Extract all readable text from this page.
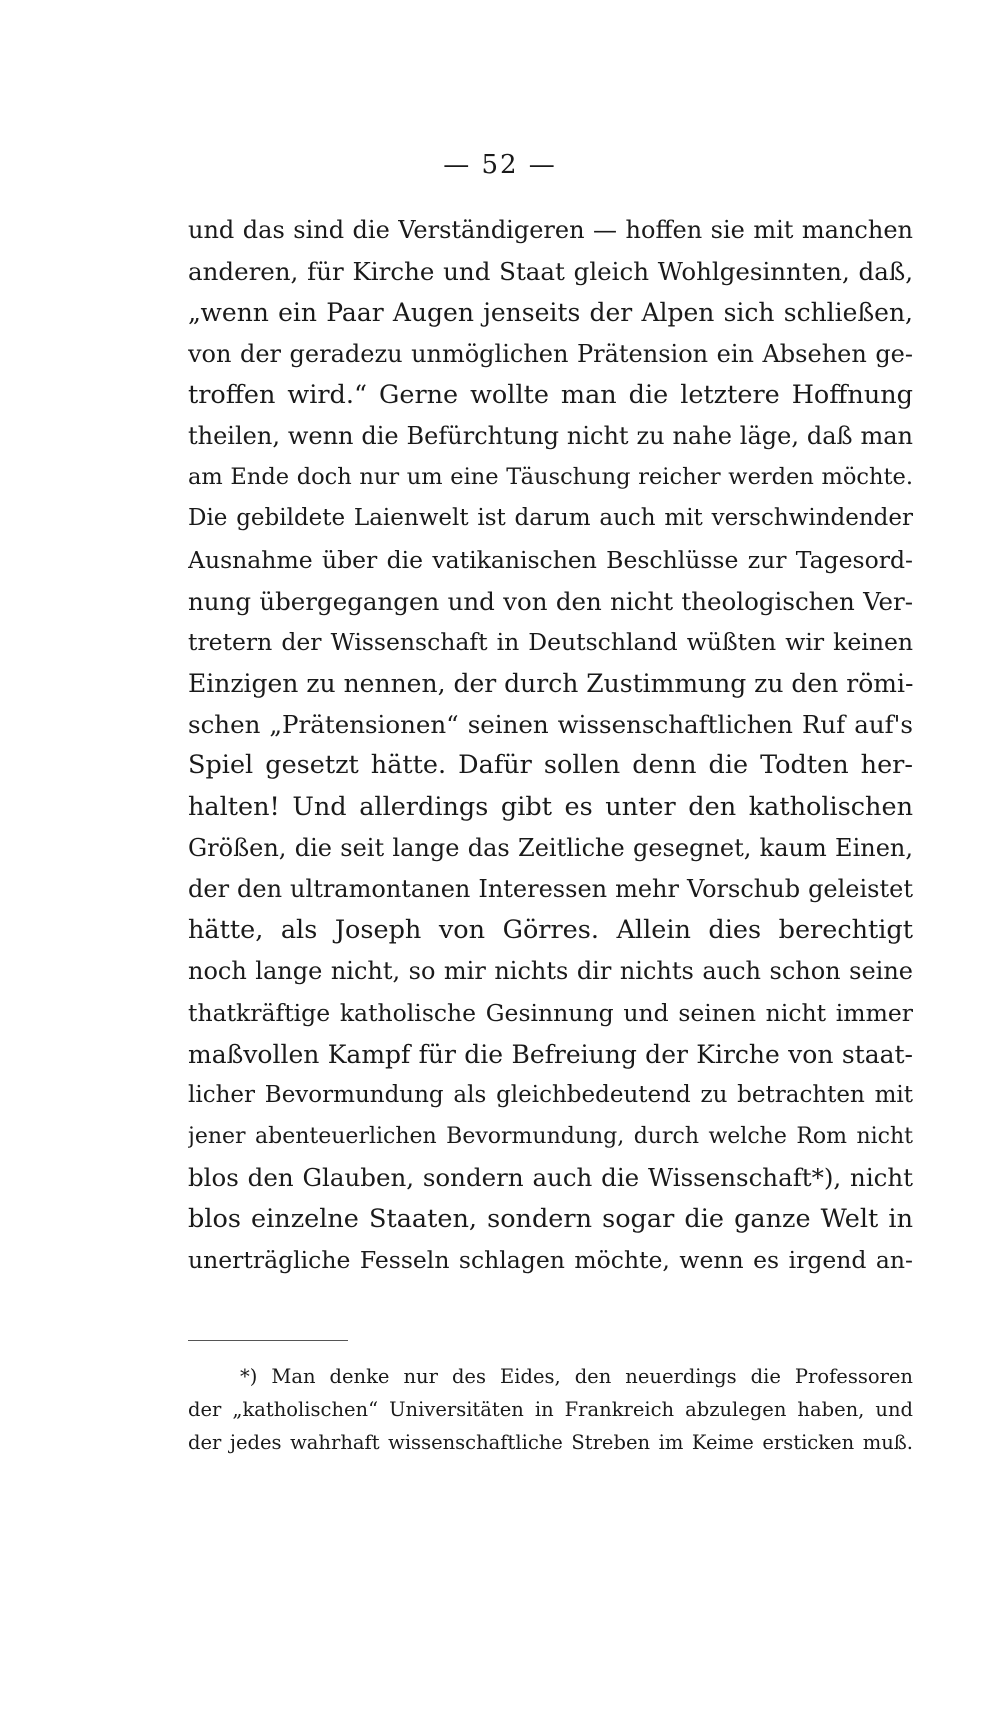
— 52 —
und das sind die Verständigeren — hoffen sie mit manchen
anderen, für Kirche und Staat gleich Wohlgesinnten, daß,
„wenn ein Paar Augen jenseits der Alpen sich schließen,
von der geradezu unmöglichen Prätension ein Absehen ge-
troffen wird.“ Gerne wollte man die letztere Hoffnung
theilen, wenn die Befürchtung nicht zu nahe läge, daß man
am Ende doch nur um eine Täuschung reicher werden möchte.
Die gebildete Laienwelt ist darum auch mit verschwindender
Ausnahme über die vatikanischen Beschlüsse zur Tagesord-
nung übergegangen und von den nicht theologischen Ver-
tretern der Wissenschaft in Deutschland wüßten wir keinen
Einzigen zu nennen, der durch Zustimmung zu den römi-
schen „Prätensionen“ seinen wissenschaftlichen Ruf auf's
Spiel gesetzt hätte. Dafür sollen denn die Todten her-
halten! Und allerdings gibt es unter den katholischen
Größen, die seit lange das Zeitliche gesegnet, kaum Einen,
der den ultramontanen Interessen mehr Vorschub geleistet
hätte, als Joseph von Görres. Allein dies berechtigt
noch lange nicht, so mir nichts dir nichts auch schon seine
thatkräftige katholische Gesinnung und seinen nicht immer
maßvollen Kampf für die Befreiung der Kirche von staat-
licher Bevormundung als gleichbedeutend zu betrachten mit
jener abenteuerlichen Bevormundung, durch welche Rom nicht
blos den Glauben, sondern auch die Wissenschaft*), nicht
blos einzelne Staaten, sondern sogar die ganze Welt in
unerträgliche Fesseln schlagen möchte, wenn es irgend an-
*) Man denke nur des Eides, den neuerdings die Professoren
der „katholischen“ Universitäten in Frankreich abzulegen haben, und
der jedes wahrhaft wissenschaftliche Streben im Keime ersticken muß.
